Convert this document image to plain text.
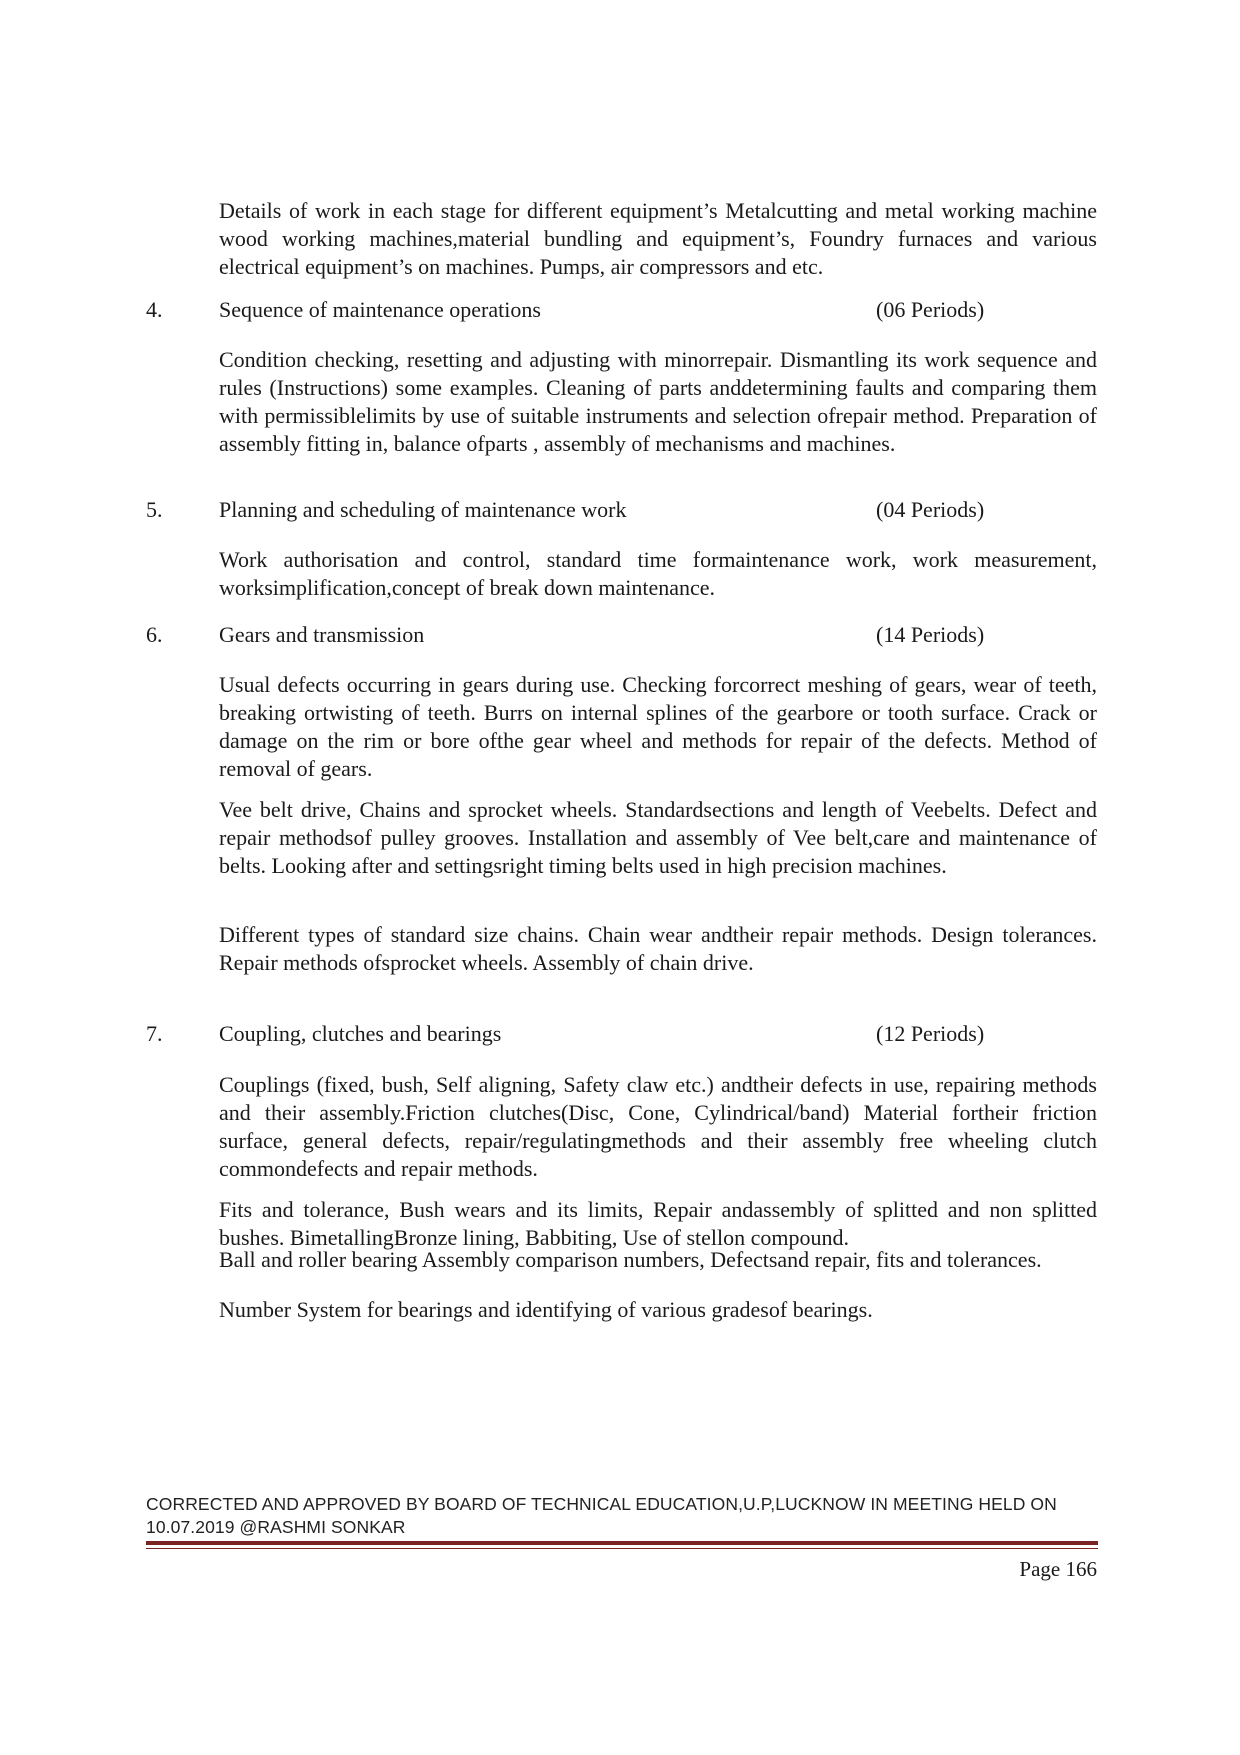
Details of work in each stage for different equipment’s Metalcutting and metal working machine wood working machines,material bundling and equipment’s, Foundry furnaces and various electrical equipment’s on machines. Pumps, air compressors and etc.

4.	Sequence of maintenance operations	(06 Periods)

Condition checking, resetting and adjusting with minorrepair. Dismantling its work sequence and rules (Instructions) some examples. Cleaning of parts anddetermining faults and comparing them with permissiblelimits by use of suitable instruments and selection ofrepair method. Preparation of assembly fitting in, balance ofparts , assembly of mechanisms and machines.

5.	Planning and scheduling of maintenance work	(04 Periods)

Work authorisation and control, standard time formaintenance work, work measurement, worksimplification,concept of break down maintenance.

6.	Gears and transmission	(14 Periods)

Usual defects occurring in gears during use. Checking forcorrect meshing of gears, wear of teeth, breaking ortwisting of teeth. Burrs on internal splines of the gearbore or tooth surface. Crack or damage on the rim or bore ofthe gear wheel and methods for repair of the defects. Method of removal of gears.

Vee belt drive, Chains and sprocket wheels. Standardsections and length of Veebelts. Defect and repair methodsof pulley grooves. Installation and assembly of Vee belt,care and maintenance of belts. Looking after and settingsright timing belts used in high precision machines.

Different types of standard size chains. Chain wear andtheir repair methods. Design tolerances. Repair methods ofsprocket wheels. Assembly of chain drive.

7.	Coupling, clutches and bearings	(12 Periods)

Couplings (fixed, bush, Self aligning, Safety claw etc.) andtheir defects in use, repairing methods and their assembly.Friction clutches(Disc, Cone, Cylindrical/band) Material fortheir friction surface, general defects, repair/regulatingmethods and their assembly free wheeling clutch commondefects and repair methods.

Fits and tolerance, Bush wears and its limits, Repair andassembly of splitted and non splitted bushes. BimetallingBronze lining, Babbiting, Use of stellon compound.

Ball and roller bearing Assembly comparison numbers, Defectsand repair, fits and tolerances.

Number System for bearings and identifying of various gradesof bearings.

CORRECTED AND APPROVED BY BOARD OF TECHNICAL EDUCATION,U.P,LUCKNOW IN MEETING HELD ON 10.07.2019 @RASHMI SONKAR
Page 166
